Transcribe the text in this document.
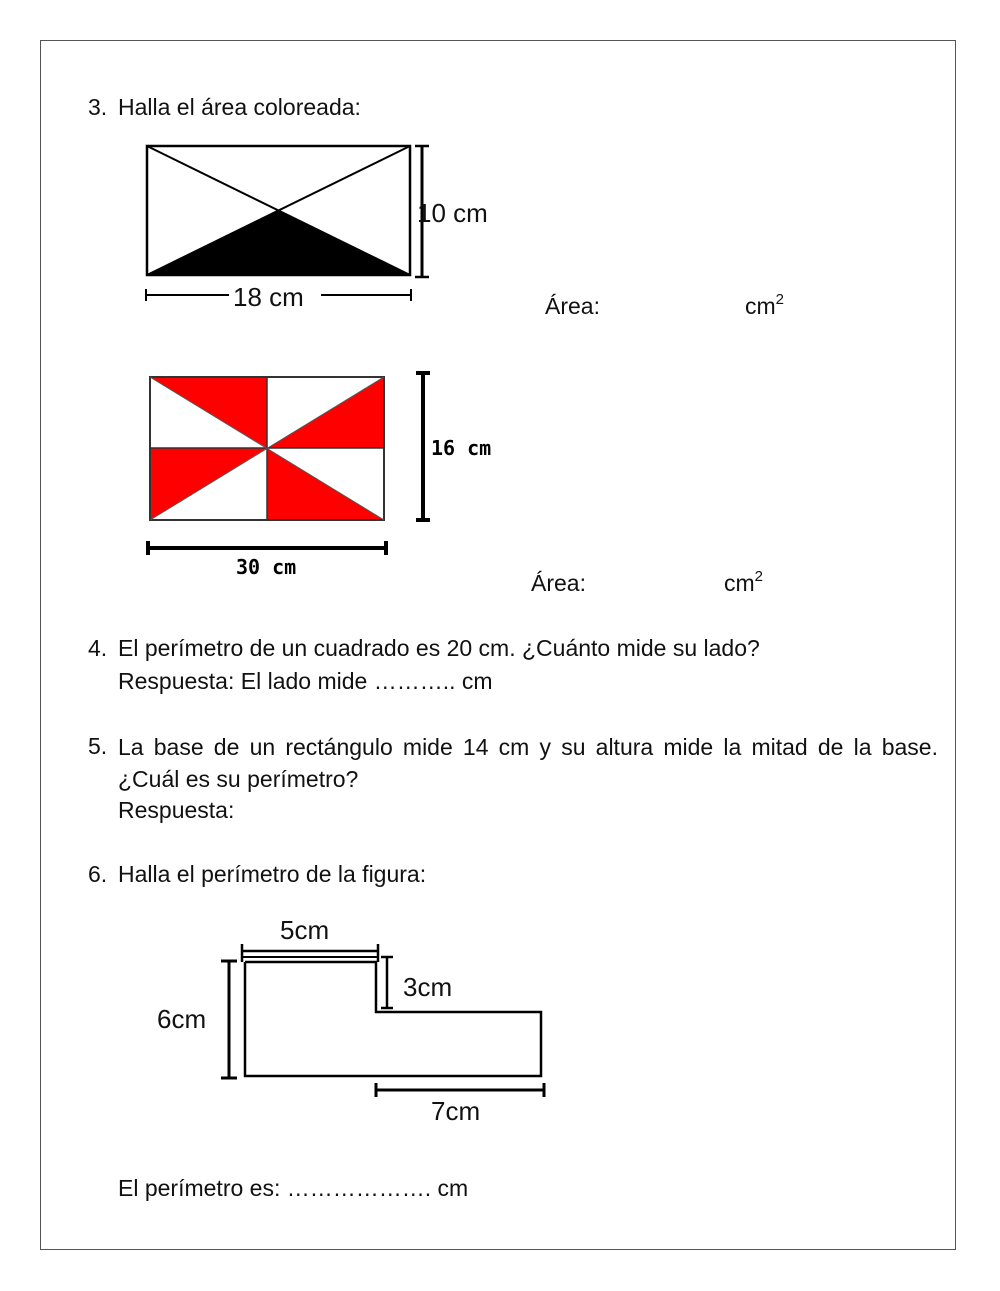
3. Halla el área coloreada:
10 cm
18 cm
16 cm
30 cm
5cm
3cm
6cm
7cm
Área:	$cm^2$
Área:	$cm^2$
4. El perímetro de un cuadrado es 20 cm. ¿Cuánto mide su lado?
Respuesta: El lado mide ……….. cm
5. La base de un rectángulo mide 14 cm y su altura mide la mitad de la base. ¿Cuál es su perímetro?
Respuesta:
6. Halla el perímetro de la figura:
El perímetro es: ………………. cm
